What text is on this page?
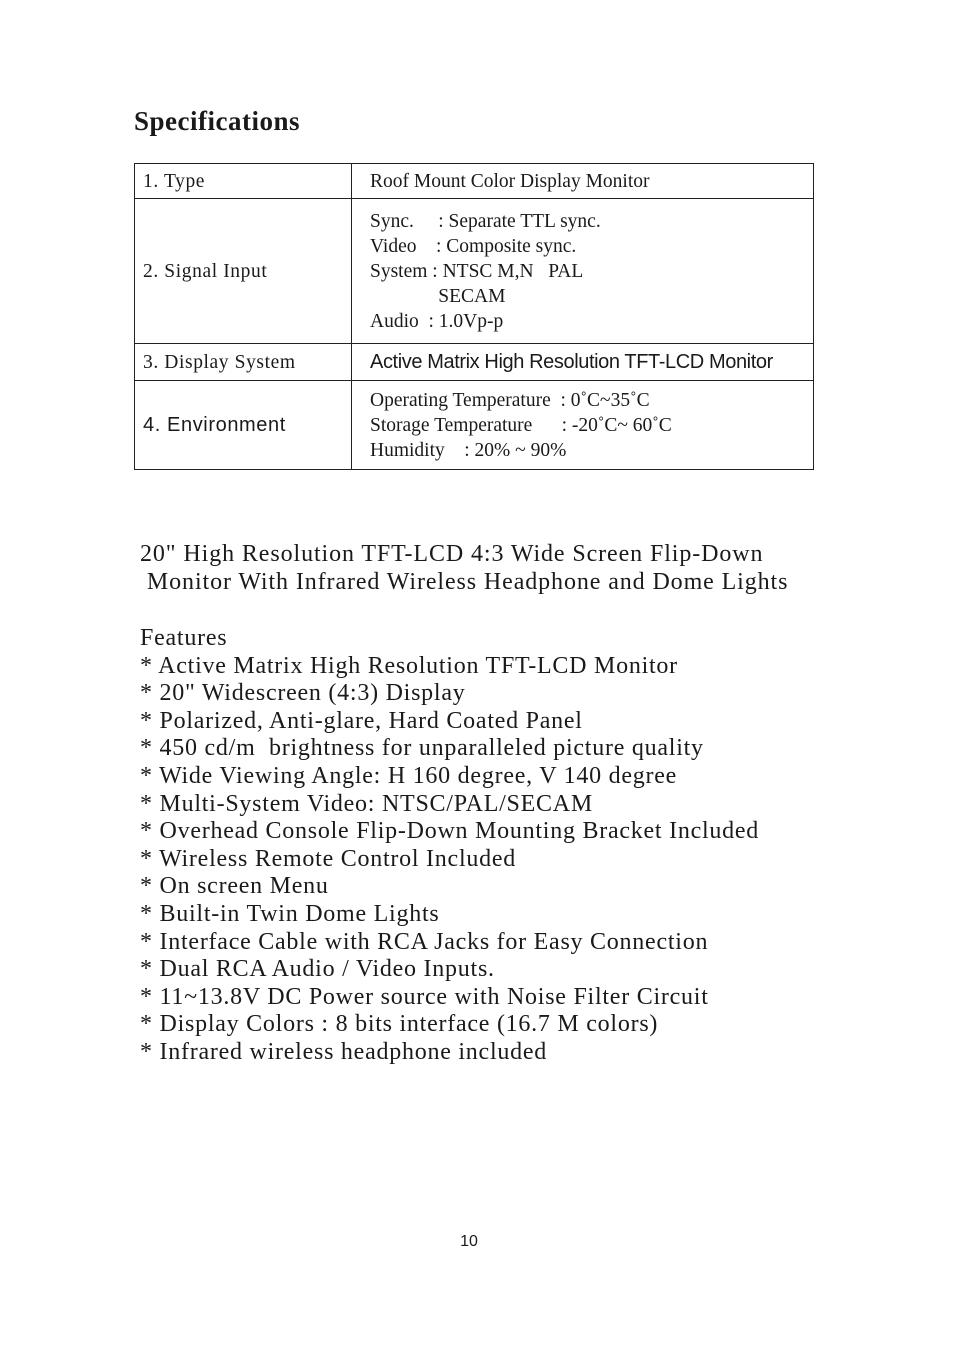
Specifications
1. Type	Roof Mount Color Display Monitor
2. Signal Input	Sync.     : Separate TTL sync.
Video    : Composite sync.
System : NTSC M,N   PAL
SECAM
Audio  : 1.0Vp-p

3. Display System	Active Matrix High Resolution TFT-LCD Monitor
4. Environment	Operating Temperature  : 0˚C~35˚C
Storage Temperature      : -20˚C~ 60˚C
Humidity    : 20% ~ 90%
20" High Resolution TFT-LCD 4:3 Wide Screen Flip-Down
Monitor With Infrared Wireless Headphone and Dome Lights
Features
* Active Matrix High Resolution TFT-LCD Monitor
* 20" Widescreen (4:3) Display
* Polarized, Anti-glare, Hard Coated Panel
* 450 cd/m  brightness for unparalleled picture quality
* Wide Viewing Angle: H 160 degree, V 140 degree
* Multi-System Video: NTSC/PAL/SECAM
* Overhead Console Flip-Down Mounting Bracket Included
* Wireless Remote Control Included
* On screen Menu
* Built-in Twin Dome Lights
* Interface Cable with RCA Jacks for Easy Connection
* Dual RCA Audio / Video Inputs.
* 11~13.8V DC Power source with Noise Filter Circuit
* Display Colors : 8 bits interface (16.7 M colors)
* Infrared wireless headphone included
10
